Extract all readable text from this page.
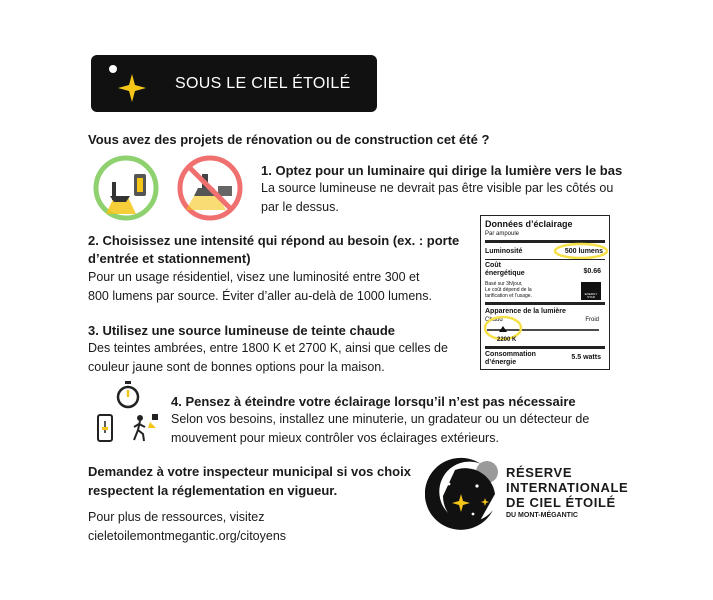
SOUS LE CIEL ÉTOILÉ
Vous avez des projets de rénovation ou de construction cet été ?
1. Optez pour un luminaire qui dirige la lumière vers le bas
La source lumineuse ne devrait pas être visible par les côtés ou
par le dessus.
2. Choisissez une intensité qui répond au besoin (ex. : porte
d’entrée et stationnement)
Pour un usage résidentiel, visez une luminosité entre 300 et
800 lumens par source. Éviter d’aller au-delà de 1000 lumens.
3. Utilisez une source lumineuse de teinte chaude
Des teintes ambrées, entre 1800 K et 2700 K, ainsi que celles de
couleur jaune sont de bonnes options pour la maison.
Données d’éclairage
Par ampoule
Luminosité	500 lumens
Coût
énergétique	$0.66
Basé sur 3h/jour,
Le coût dépend de la
tarification et l’usage.	ENERGY STAR
Apparence de la lumière
Chaud	Froid
2200 K
Consommation
d’énergie
5.5 watts
4. Pensez à éteindre votre éclairage lorsqu’il n’est pas nécessaire
Selon vos besoins, installez une minuterie, un gradateur ou un détecteur de
mouvement pour mieux contrôler vos éclairages extérieurs.
Demandez à votre inspecteur municipal si vos choix
respectent la réglementation en vigueur.
Pour plus de ressources, visitez
cieletoilemontmegantic.org/citoyens
RÉSERVE
INTERNATIONALE
DE CIEL ÉTOILÉ
DU MONT-MÉGANTIC
